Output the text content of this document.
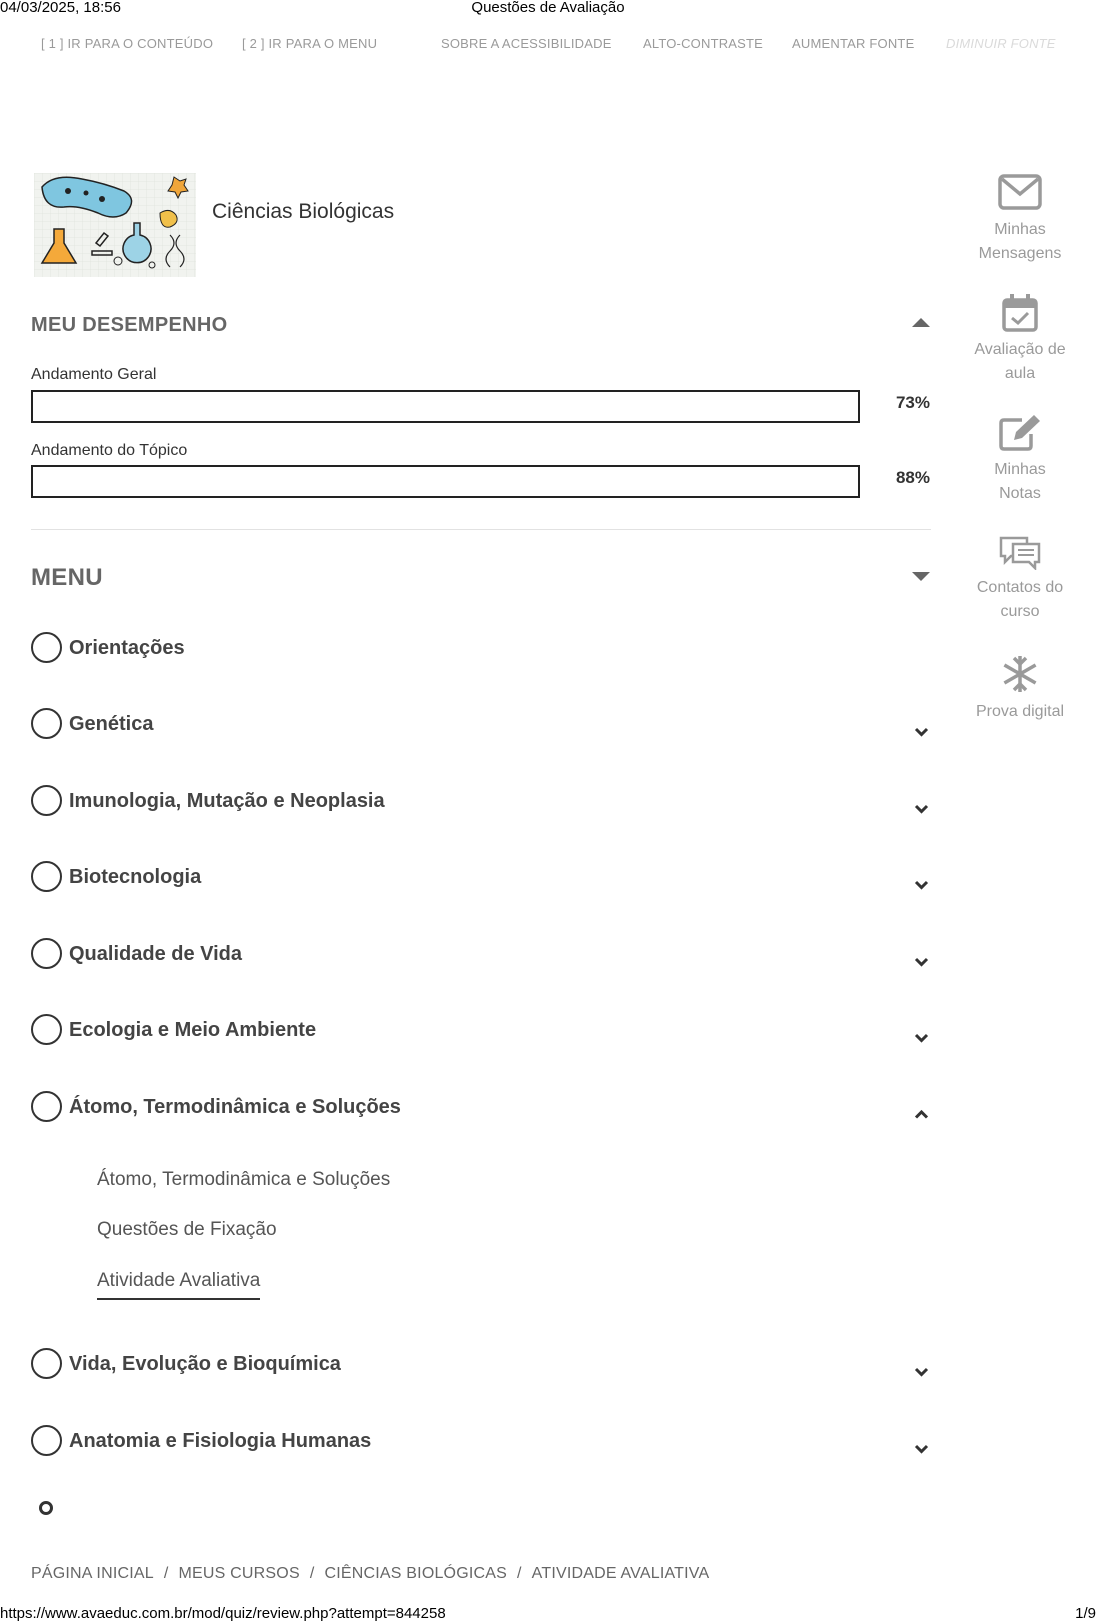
04/03/2025, 18:56	Questões de Avaliação
[ 1 ] IR PARA O CONTEÚDO [ 2 ] IR PARA O MENU	SOBRE A ACESSIBILIDADE ALTO-CONTRASTE AUMENTAR FONTE DIMINUIR FONTE
Ciências Biológicas
MEU DESEMPENHO
Andamento Geral
73%
Andamento do Tópico
88%
MENU
Orientações
Genética
Imunologia, Mutação e Neoplasia
Biotecnologia
Qualidade de Vida
Ecologia e Meio Ambiente
Átomo, Termodinâmica e Soluções
Átomo, Termodinâmica e Soluções
Questões de Fixação
Atividade Avaliativa
Vida, Evolução e Bioquímica
Anatomia e Fisiologia Humanas
PÁGINA INICIAL / MEUS CURSOS / CIÊNCIAS BIOLÓGICAS / ATIVIDADE AVALIATIVA
Minhas
Mensagens
Avaliação de
aula
Minhas
Notas
Contatos do
curso
Prova digital
https://www.avaeduc.com.br/mod/quiz/review.php?attempt=844258	1/9
